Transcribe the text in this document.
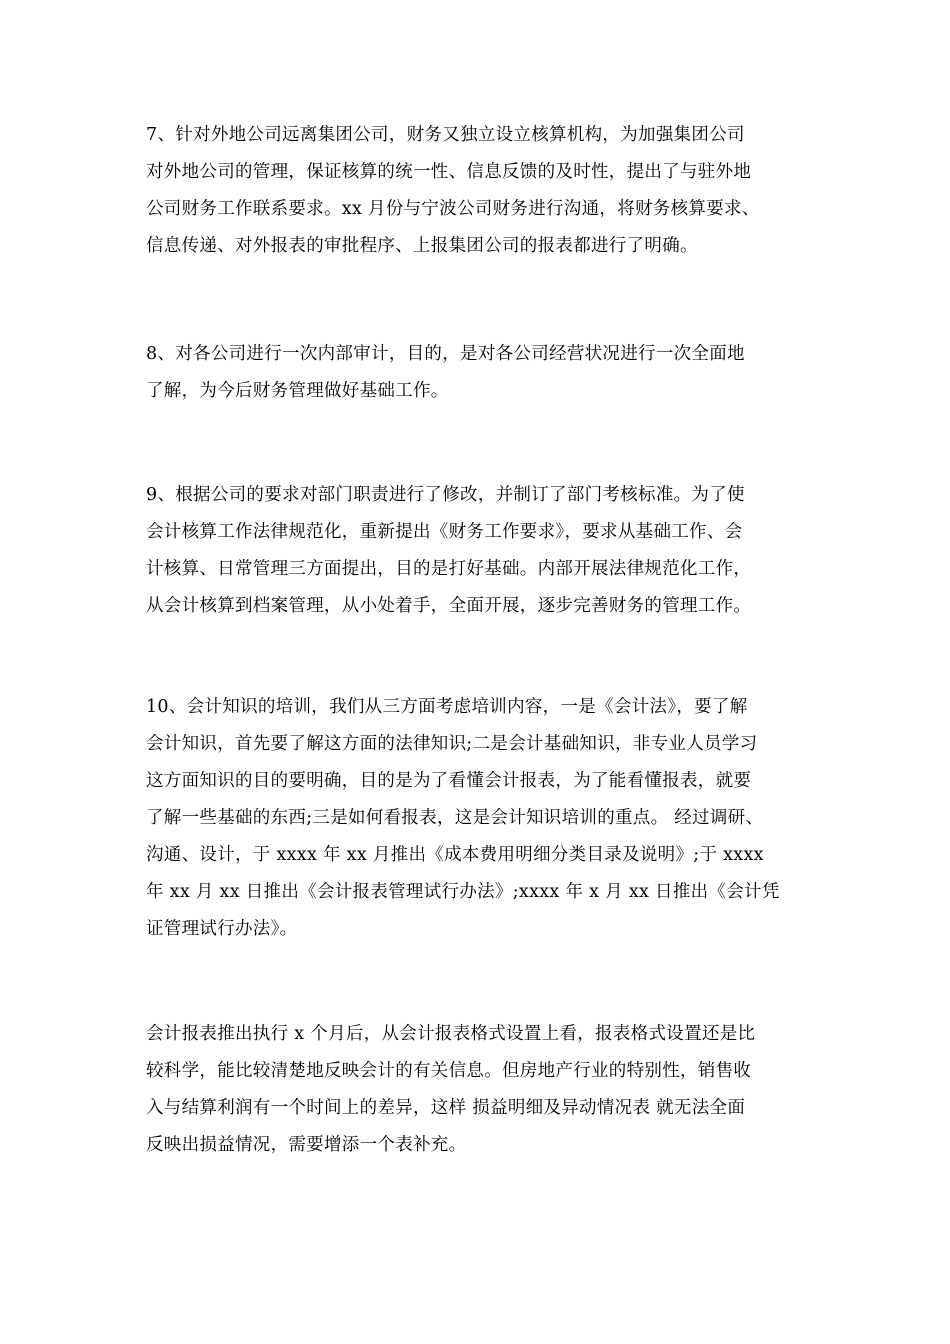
7、针对外地公司远离集团公司，财务又独立设立核算机构，为加强集团公司
对外地公司的管理，保证核算的统一性、信息反馈的及时性，提出了与驻外地
公司财务工作联系要求。xx 月份与宁波公司财务进行沟通，将财务核算要求、
信息传递、对外报表的审批程序、上报集团公司的报表都进行了明确。

8、对各公司进行一次内部审计，目的，是对各公司经营状况进行一次全面地
了解，为今后财务管理做好基础工作。

9、根据公司的要求对部门职责进行了修改，并制订了部门考核标准。为了使
会计核算工作法律规范化，重新提出《财务工作要求》，要求从基础工作、会
计核算、日常管理三方面提出，目的是打好基础。内部开展法律规范化工作，
从会计核算到档案管理，从小处着手，全面开展，逐步完善财务的管理工作。

10、会计知识的培训，我们从三方面考虑培训内容，一是《会计法》，要了解
会计知识，首先要了解这方面的法律知识;二是会计基础知识，非专业人员学习
这方面知识的目的要明确，目的是为了看懂会计报表，为了能看懂报表，就要
了解一些基础的东西;三是如何看报表，这是会计知识培训的重点。 经过调研、
沟通、设计，于 xxxx 年 xx 月推出《成本费用明细分类目录及说明》;于 xxxx
年 xx 月 xx 日推出《会计报表管理试行办法》;xxxx 年 x 月 xx 日推出《会计凭
证管理试行办法》。

会计报表推出执行 x 个月后，从会计报表格式设置上看，报表格式设置还是比
较科学，能比较清楚地反映会计的有关信息。但房地产行业的特别性，销售收
入与结算利润有一个时间上的差异，这样 损益明细及异动情况表 就无法全面
反映出损益情况，需要增添一个表补充。
